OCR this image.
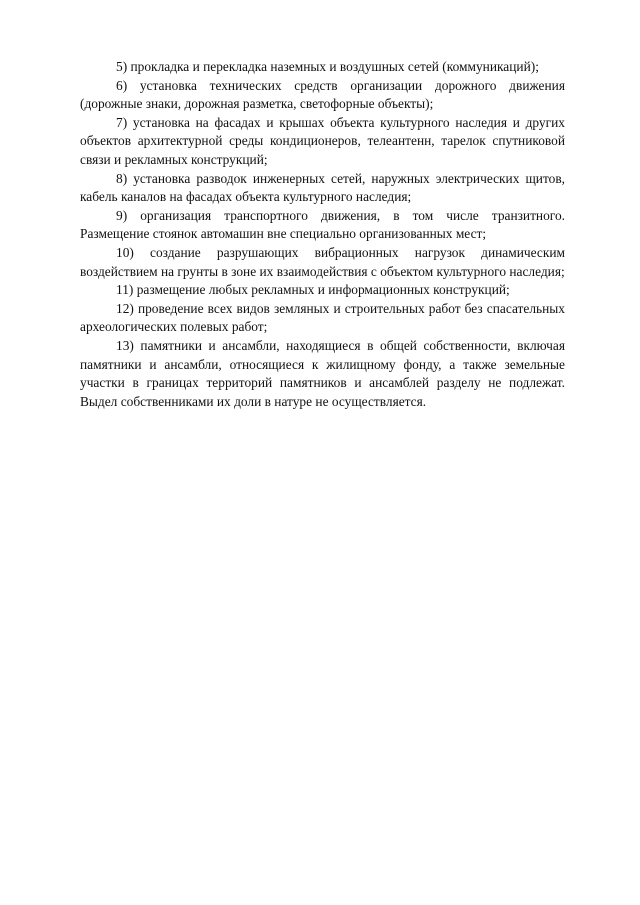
5) прокладка и перекладка наземных и воздушных сетей (коммуникаций);

6) установка технических средств организации дорожного движения (дорожные знаки, дорожная разметка, светофорные объекты);

7) установка на фасадах и крышах объекта культурного наследия и других объектов архитектурной среды кондиционеров, телеантенн, тарелок спутниковой связи и рекламных конструкций;

8) установка разводок инженерных сетей, наружных электрических щитов, кабель каналов на фасадах объекта культурного наследия;

9) организация транспортного движения, в том числе транзитного. Размещение стоянок автомашин вне специально организованных мест;

10) создание разрушающих вибрационных нагрузок динамическим воздействием на грунты в зоне их взаимодействия с объектом культурного наследия;

11) размещение любых рекламных и информационных конструкций;

12) проведение всех видов земляных и строительных работ без спасательных археологических полевых работ;

13) памятники и ансамбли, находящиеся в общей собственности, включая памятники и ансамбли, относящиеся к жилищному фонду, а также земельные участки в границах территорий памятников и ансамблей разделу не подлежат. Выдел собственниками их доли в натуре не осуществляется.
